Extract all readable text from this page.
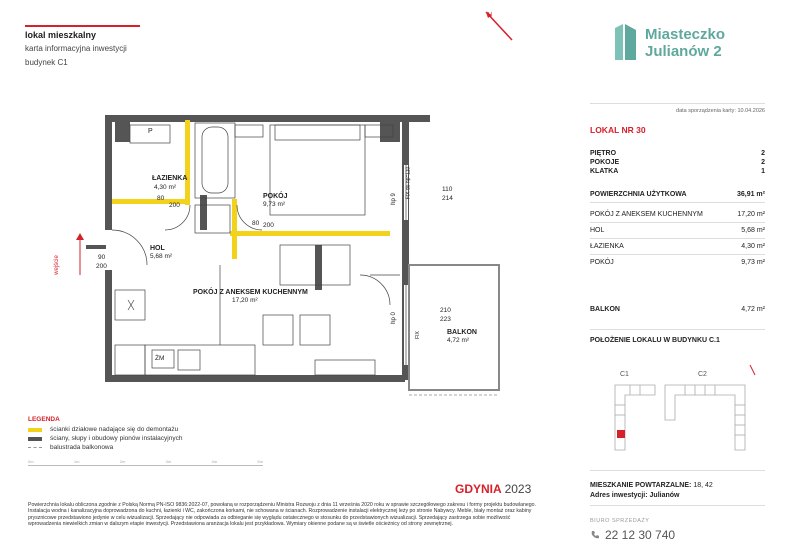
lokal mieszkalny
karta informacyjna inwestycji
budynek C1
N
Miasteczko
Julianów 2
data sporządzenia karty: 10.04.2026
ŁAZIENKA
4,30 m²
POKÓJ
9,73 m²
HOL
5,68 m²
POKÓJ Z ANEKSEM KUCHENNYM
17,20 m²
BALKON
4,72 m²
80
200
80 200
90
200
110
214
210
223
hp 9
hp 0
FIX do hp=110
FIX
P
ŻM
wejście
LEGENDA
ścianki działowe nadające się do demontażu
ściany, słupy i obudowy pionów instalacyjnych
balustrada balkonowa
0m	1m	2m	3m	4m	5m
GDYNIA 2023
Powierzchnia lokalu obliczona zgodnie z Polską Normą PN-ISO 9836:2022-07, powołaną w rozporządzeniu Ministra Rozwoju z dnia 11 września 2020 roku w sprawie szczegółowego zakresu i formy projektu budowlanego. Instalacja wodna i kanalizacyjna doprowadzona do kuchni, łazienki i WC, zakończona korkami, nie schowana w ścianach. Rozprowadzenie instalacji elektrycznej leży po stronie Nabywcy. Meble, biały montaż oraz kabiny prysznicowe przedstawiono jedynie w celu wizualizacji. Sprzedający nie odpowiada za odbieganie się wyglądu ostatecznego w stosunku do przedstawionych wizualizacji. Sprzedający zastrzega sobie możliwość wprowadzenia niewielkich zmian w dalszym etapie inwestycji. Przedstawiona aranżacja lokalu jest przykładowa. Wymiary okienne podane są w świetle ościeżnicy od strony zewnętrznej.
LOKAL NR 30
PIĘTRO	2
POKOJE	2
KLATKA	1
POWIERZCHNIA UŻYTKOWA	36,91 m²
POKÓJ Z ANEKSEM KUCHENNYM	17,20 m²
HOL	5,68 m²
ŁAZIENKA	4,30 m²
POKÓJ	9,73 m²
BALKON	4,72 m²
POŁOŻENIE LOKALU W BUDYNKU C.1
C1	C2
MIESZKANIE POWTARZALNE: 18, 42
Adres inwestycji: Julianów
BIURO SPRZEDAŻY
22 12 30 740
